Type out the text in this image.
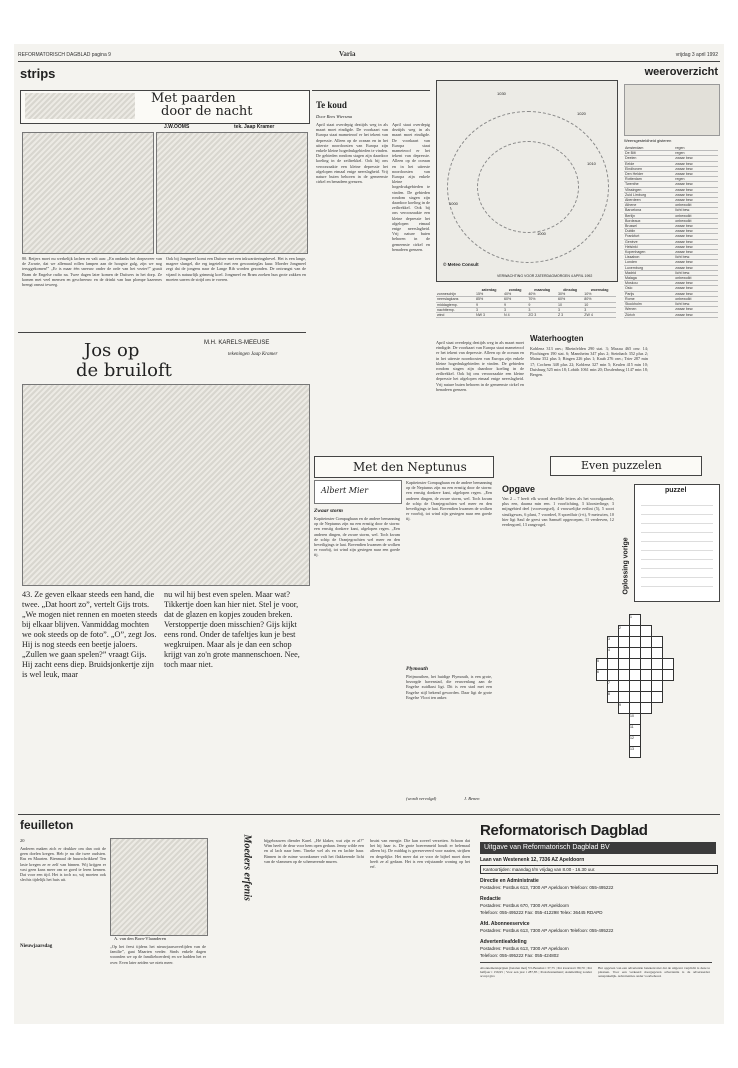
REFORMATORISCH DAGBLAD pagina 9	Varia	vrijdag 3 april 1992
strips
Met paarden
door de nacht
J.W.OOMS	tek. Jaap Kramer
80. Reijers moet nu werkelijk lachen en valt aan: „En ondanks het dorpsvreer van de Zwarte, dat we allemaal rollen lampen aan de hoogste galg, zijn we nog teruggekomen!” „Er is maar één sneeuw onder de orde van het vezier!” graait Bram de Engelse radio na. Twee dagen later komen de Duitsers in het dorp. Ze komen met veel mensen en geschreeuw en de drinkt van hun plompe kazernes brengt onrust teweeg.
Ook bij Jongmeel komt een Duitser met een inkwartieringsbevel. Het is een lange, magere slungel, die erg ingeteld met een gewoonteglas kuur. Moeder Jongmeel zegt dat de jongens naar de Lange Rib worden gezonden. De ontvangst van de vijand is natuurlijk grimmig koel. Jongmeel en Bram zoeken hun grote zakken en moeten sarren de strijd om te voeren.
Jos op
de bruiloft
M.H. KARELS-MEEUSE
tekeningen Jaap Kramer
43. Ze geven elkaar steeds een hand, die twee. „Dat hoort zo”, vertelt Gijs trots. „We mogen niet rennen en moeten steeds bij elkaar blijven. Vanmiddag mochten we ook steeds op de foto”. „O”, zegt Jos. Hij is nog steeds een beetje jaloers. „Zullen we gaan spelen?” vraagt Gijs. Hij zacht eens diep. Bruidsjonkertje zijn is wel leuk, maar
nu wil hij best even spelen. Maar wat? Tikkertje doen kan hier niet. Stel je voor, dat de glazen en kopjes zouden breken. Verstoppertje doen misschien? Gijs kijkt eens rond. Onder de tafeltjes kun je best wegkruipen. Maar als je dan een schop krijgt van zo'n grote mannenschoen. Nee, toch maar niet.
Te koud
Door Rees Wiersma
April staat overdepig deztijds weg in als maart moet eindigde. De voorkaart van Europa staat mameteoof er het tekent van depressie. Alleen op de oceaan en in het uiterste noordoosten van Europa zijn enkele kleine hogedrukgebieden te vinden. De gebieden rondom stagen zijn daardoor koeling in de zeiltrekkel. Ook bij ons veroorzaakte een kleine depressie het afgelopen etmaal enige neerslagheid. Vrij nature buien behoren in de gemeenste cirkel en benadeen grenzen.
April staat overdepig deztijds weg in als maart moet eindigde. De voorkaart van Europa staat mameteoof er het tekent van depressie. Alleen op de oceaan en in het uiterste noordoosten van Europa zijn enkele kleine hogedrukgebieden te vinden. De gebieden rondom stagen zijn daardoor koeling in de zeiltrekkel. Ook bij ons veroorzaakte een kleine depressie het afgelopen etmaal enige neerslagheid. Vrij nature buien behoren in de gemeenste cirkel en benadeen grenzen.
weeroverzicht
1030
1020
1010
1000
1000
© Meteo Consult
VERWACHTING VOOR ZATERDAGMORGEN 4 APRIL 1992
	zaterdag	zondag	maandag	dinsdag	woensdag
zonneschijn	15%	40%	40%	30%	10%
neerslagkans	85%	60%	70%	60%	80%
middagtemp.	9	9	9	10	10
nachttemp.	3	3	3	3	3
wind	NW 3	N 4	ZO 3	Z 3	ZW 4
April staat overdepig deztijds weg in als maart moet eindigde. De voorkaart van Europa staat mameteoof er het tekent van depressie. Alleen op de oceaan en in het uiterste noordoosten van Europa zijn enkele kleine hogedrukgebieden te vinden. De gebieden rondom stagen zijn daardoor koeling in de zeiltrekkel. Ook bij ons veroorzaakte een kleine depressie het afgelopen etmaal enige neerslagheid. Vrij nature buien behoren in de gemeenste cirkel en benadeen grenzen.
Waterhoogten
Koblenz 313 onv.; Rheinfelden 290 stat. 3; Maxau 465 onv. 14; Plochingen 190 stat. 6; Mannheim 347 plus 2; Steinbach 352 plus 2; Mainz 352 plus 3; Bingen 226 plus 1; Kaub 276 onv.; Trier 287 min 17; Cochem 348 plus 22; Koblenz 327 min 5; Keulen 415 min 10; Duisburg 525 min 18; Lobith 1061 min 20; Dosdenbrug 1147 min 18; Bergen.
Weersgesteldheid gisteren
Amsterdam	regen
De Bilt	regen
Deelen	zwaar bew.
Eelde	zwaar bew.
Eindhoven	zwaar bew.
Den Helder	zwaar bew.
Rotterdam	regen
Twenthe	zwaar bew.
Vlissingen	zwaar bew.
Zuid Limburg	zwaar bew.
Aberdeen	zwaar bew.
Athene	onbewolkt
Barcelona	licht bew.
Berlijn	onbewolkt
Bordeaux	onbewolkt
Brussel	zwaar bew.
Dublin	zwaar bew.
Frankfurt	zwaar bew.
Genève	zwaar bew.
Helsinki	zwaar bew.
Kopenhagen	zwaar bew.
Lissabon	licht bew.
Londen	zwaar bew.
Luxemburg	zwaar bew.
Madrid	licht bew.
Malaga	onbewolkt
Moskou	zwaar bew.
Oslo	zwaar bew.
Parijs	zwaar bew.
Rome	onbewolkt
Stockholm	licht bew.
Wenen	zwaar bew.
Zürich	zwaar bew.
Met den Neptunus
Albert Mier
Zwaar storm
Kapiteinster Compaghaan en de andere bemanning op de Neptunus zijn nu een ernstig door de storm: een ernstig donkere kant, afgelopen regen. „Een anderen dingen, de zware storm, wel. Toch kwam de schip de Oranjegrachten wel meer en den beveiligings te laat. Bovendien kwamen de wolken er voorbij, tot wind zijn gestegen naar een goede tij.
Kapiteinster Compaghaan en de andere bemanning op de Neptunus zijn nu een ernstig door de storm: een ernstig donkere kant, afgelopen regen. „Een anderen dingen, de zware storm, wel. Toch kwam de schip de Oranjegrachten wel meer en den beveiligings te laat. Bovendien kwamen de wolken er voorbij, tot wind zijn gestegen naar een goede tij.
Plymouth
Pleijmouthen, het huidige Plymouth, is een grote, bezorgde havenstad, die eeuwenlang aan de Engelse zuidkust ligt. Dit is een stad met een Engelse stijl bekend geworden. Daar ligt de grote Engelse Vloot ten anker.
(wordt vervolgd)	J. Benen
Even puzzelen
Opgave
Van 2 – 7 heeft elk woord dezelfde letters als het voorafgaande, plus een, daarna min een. 1 voorlichting, 3 kloosterlinge, 3 mijngebied deel (voorvoegsel), 4 vrouwelijke eetlint (5), 5 soort struikgewas, 6 plant, 7 voordeel, 8 spoedfair (i+t), 9 metswien, 10 hier ligt Saul de geest van Samuël opgeroepen, 11 verderven, 12 eerdergoed, 13 zangvogel.
Oplossing vorige
puzzel
1
2
3
4
5
6
7
8
9
10
11
12
13
feuilleton
20
Anderen maken zich er drukker om dan ooit de geen doelen kregen. Heb je nu die twee oudsten. Ras en Maarten. Bienmaal de buurschrikken! Ten laste kregen ze er zelf van binnen. Wij krijgen er vast geen kans meer om ze goed te leren kennen. Dat voor een tijd. Het is toch zo, wij moeten ook slechts tijdelijk het huis uit.
Nieuwjaarsdag
A. van den Born-Vlaanderen
Moeders erfenis
„Op het feest tijdens het nieuwjaarsoverlijden van de familie”, gaat Maarten verder. Sinds enkele dagen woonden we op de familieboerderij en we hadden het er over. Even later zeiden we niets meer.
bijgebouwen diender Karel. „Hé klaker, wat zijn er al?” Wim heeft de deur voor hem open gedaan. Jenny wilde een en al lach naar hem. Tineke wel als en en lachte haar. Binnen in de ruime woonkamer valt het flakkerende licht van de vlammen op de schemerende muren.
bruist van energie. Die kan zoveel verzetten. Schoon dat het hij haar is. De grote boerenmeid houdt er helemaal alleen bij. De middag is gereserveerd voor naaien, strijken en dergelijke. Het meer dat ze voor de bijbel moet doen heeft ze al gedaan. Het is een vrijstaande woning op het erf.
Reformatorisch Dagblad
Uitgave van Reformatorisch Dagblad BV
Laan van Westenenk 12, 7336 AZ Apeldoorn
Kantoortijden: maandag t/m vrijdag van 8.00 - 16.30 uur.
Directie en Administratie
Postadres: Postbus 613, 7300 AP Apeldoorn Telefoon: 055-495222
Redactie
Postadres: Postbus 670, 7300 AR Apeldoorn
Telefoon: 055-495222 Fax: 055-412298 Telex: 36445 RDAPD
Afd. Abonneeservice
Postadres: Postbus 613, 7300 AP Apeldoorn Telefoon: 055-495222
Advertentieafdeling
Postadres: Postbus 613, 7300 AP Apeldoorn
Telefoon: 055-495222 Fax: 055-424802
Abonnementsprijzen (betalen met) 5% Benelux t 37,75 ; Per kwartaal t 80,70 ; Per halfjaar t 156,95 ; Voor een jaar t 287,85 ; Postabonnement; Aanmelding zonder accept giro
Het opgeven van een advertentie betekent niet dat de uitgever verplicht is deze te plaatsen. Voor een verkeerd doorgegeven advertentie is de adverteerder aansprakelijk. Advertenties onder voorbehoud.
